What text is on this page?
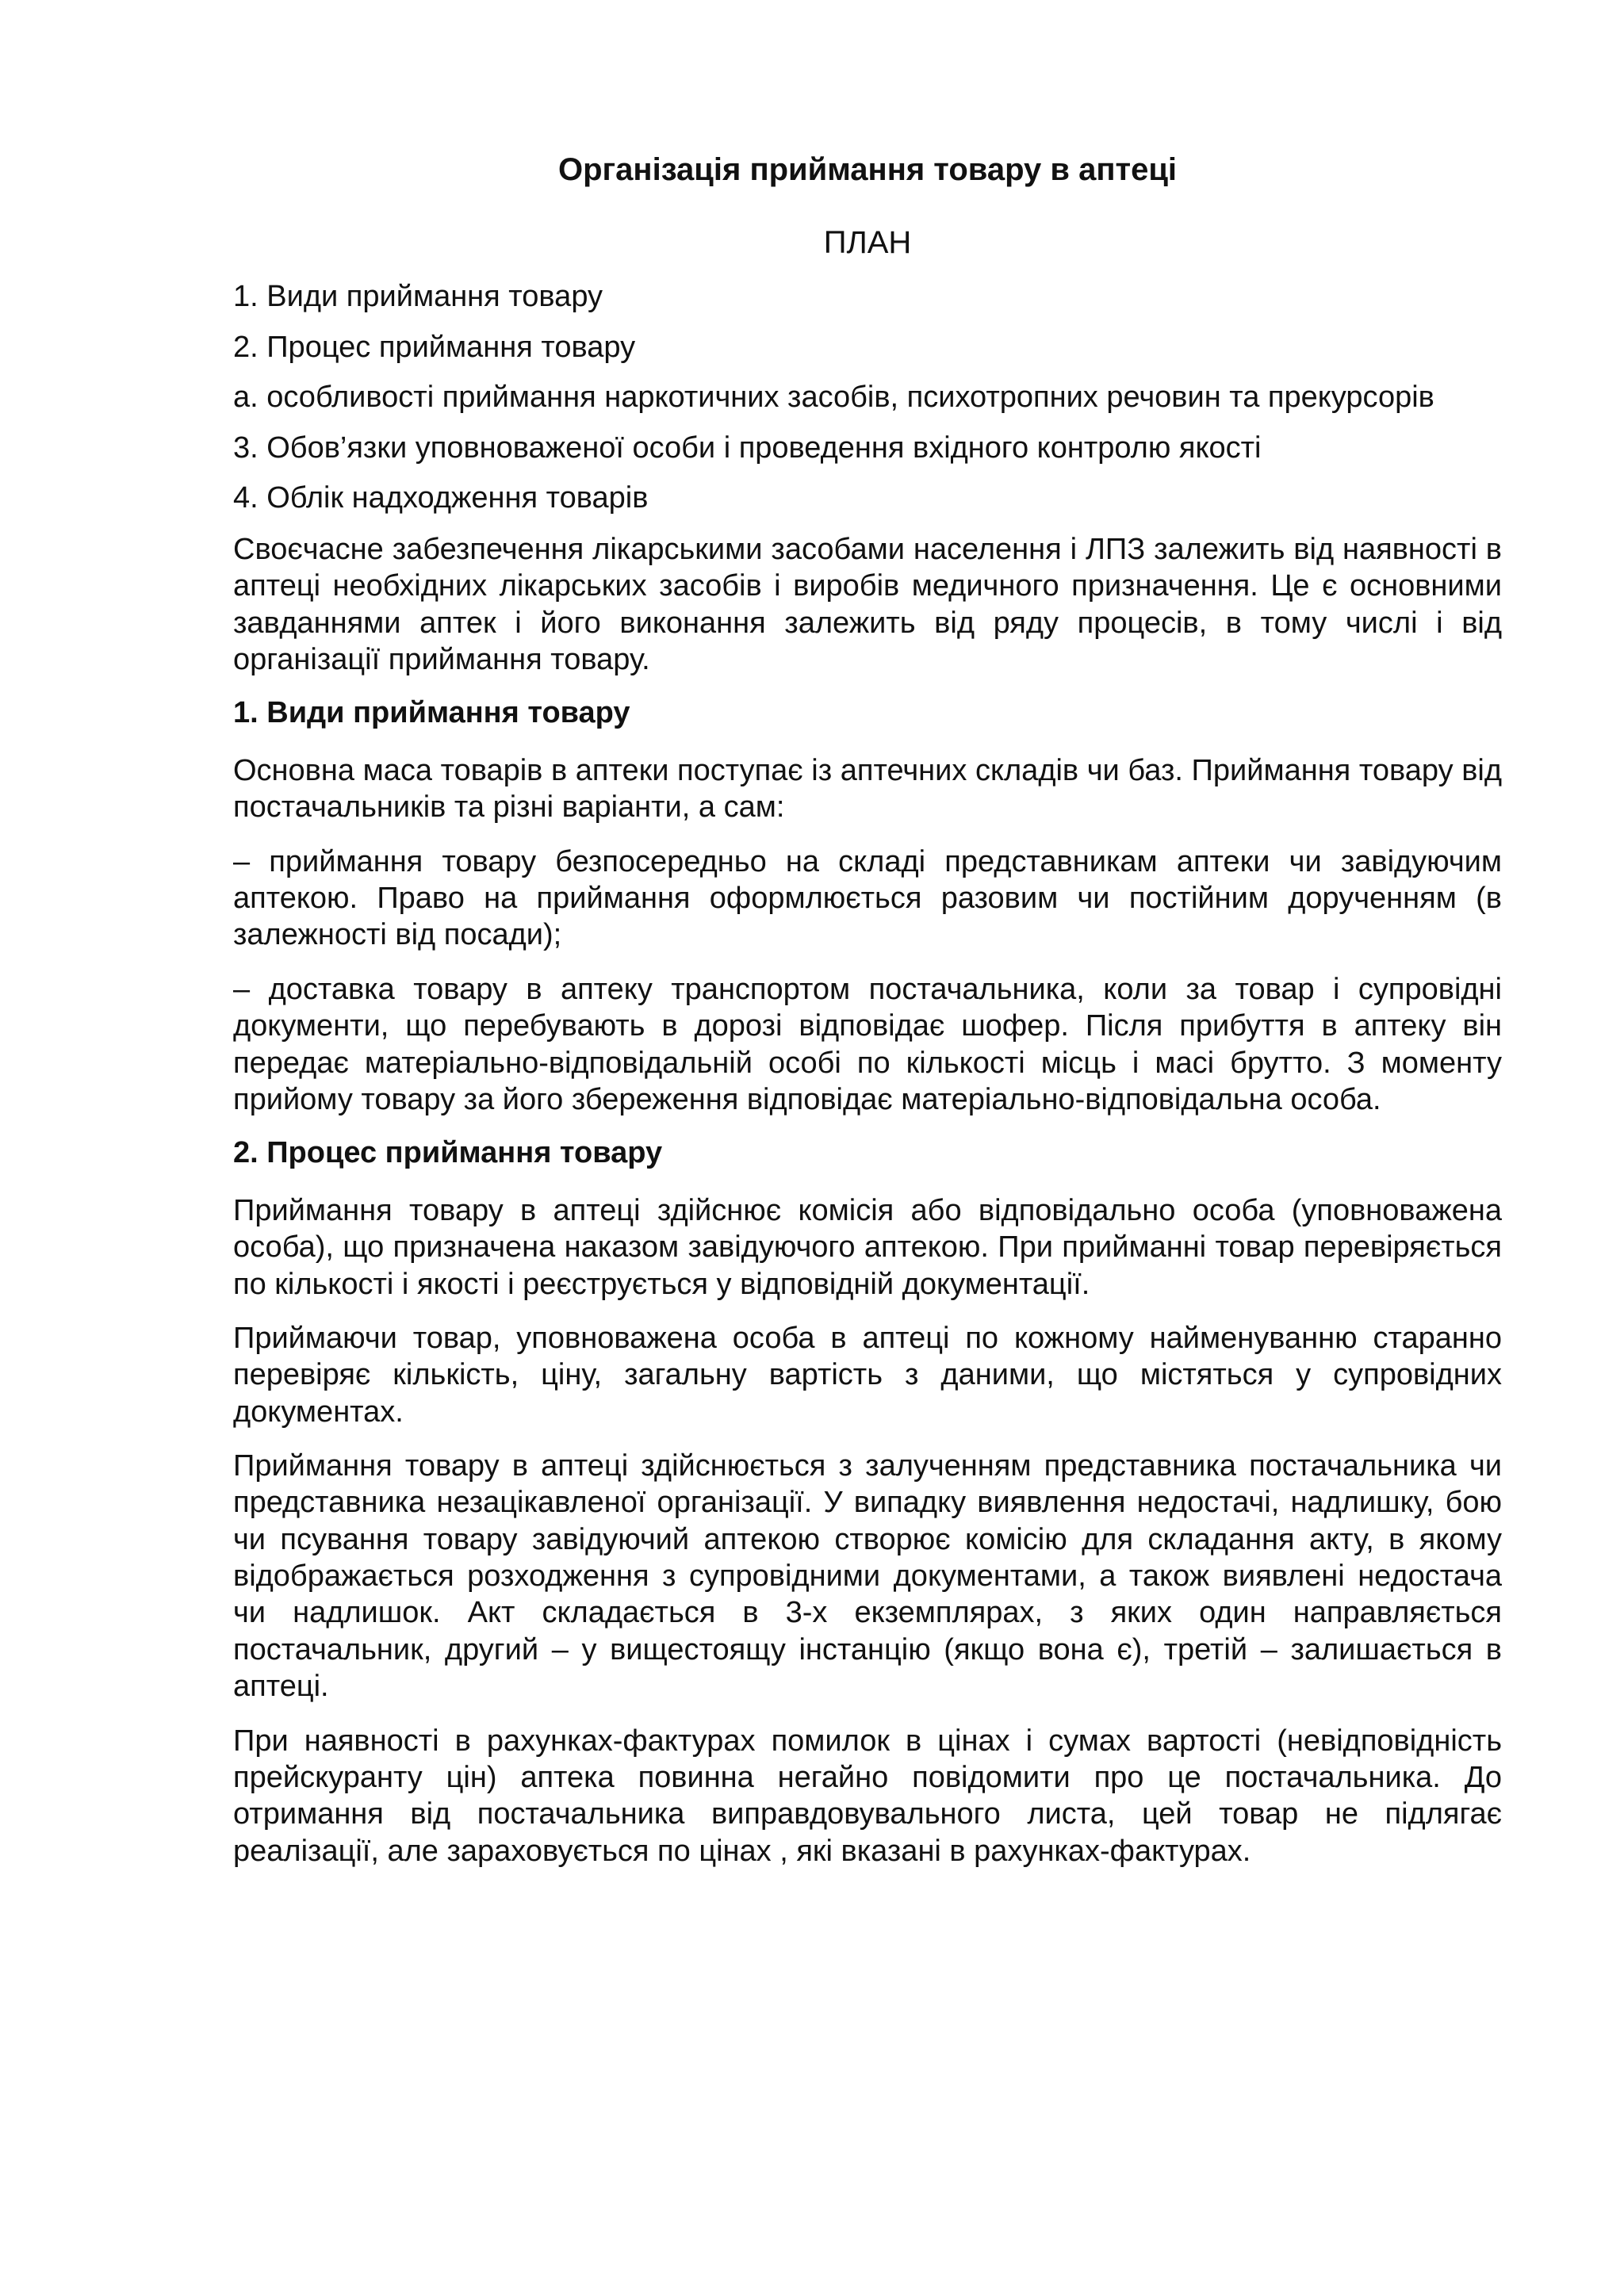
Організація приймання товару в аптеці
ПЛАН

1. Види приймання товару

2. Процес приймання товару

а. особливості приймання наркотичних засобів, психотропних речовин та прекурсорів

3. Обов’язки уповноваженої особи і проведення вхідного контролю якості

4. Облік надходження товарів

Своєчасне забезпечення лікарськими засобами населення і ЛПЗ залежить від наявності в аптеці необхідних лікарських засобів і виробів медичного призначення. Це є основними завданнями аптек і його виконання залежить від ряду процесів, в тому числі і від організації приймання товару.

1. Види приймання товару

Основна маса товарів в аптеки поступає із аптечних складів чи баз. Приймання товару від постачальників та різні варіанти, а сам:

– приймання товару безпосередньо на складі представникам аптеки чи завідуючим аптекою. Право на приймання оформлюється разовим чи постійним дорученням (в залежності від посади);

– доставка товару в аптеку транспортом постачальника, коли за товар і супровідні документи, що перебувають в дорозі відповідає шофер. Після прибуття в аптеку він передає матеріально-відповідальній особі по кількості місць і масі брутто. З моменту прийому товару за його збереження відповідає матеріально-відповідальна особа.

2. Процес приймання товару

Приймання товару в аптеці здійснює комісія або відповідально особа (уповноважена особа), що призначена наказом завідуючого аптекою. При прийманні товар перевіряється по кількості і якості і реєструється у відповідній документації.

Приймаючи товар, уповноважена особа в аптеці по кожному найменуванню старанно перевіряє кількість, ціну, загальну вартість з даними, що містяться у супровідних документах.

Приймання товару в аптеці здійснюється з залученням представника постачальника чи представника незацікавленої організації. У випадку виявлення недостачі, надлишку, бою чи псування товару завідуючий аптекою створює комісію для складання акту, в якому відображається розходження з супровідними документами, а також виявлені недостача чи надлишок. Акт складається в 3-х екземплярах, з яких один направляється постачальник, другий – у вищестоящу інстанцію (якщо вона є), третій – залишається в аптеці.

При наявності в рахунках-фактурах помилок в цінах і сумах вартості (невідповідність прейскуранту цін) аптека повинна негайно повідомити про це постачальника. До отримання від постачальника виправдовувального листа, цей товар не підлягає реалізації, але зараховується по цінах , які вказані в рахунках-фактурах.
